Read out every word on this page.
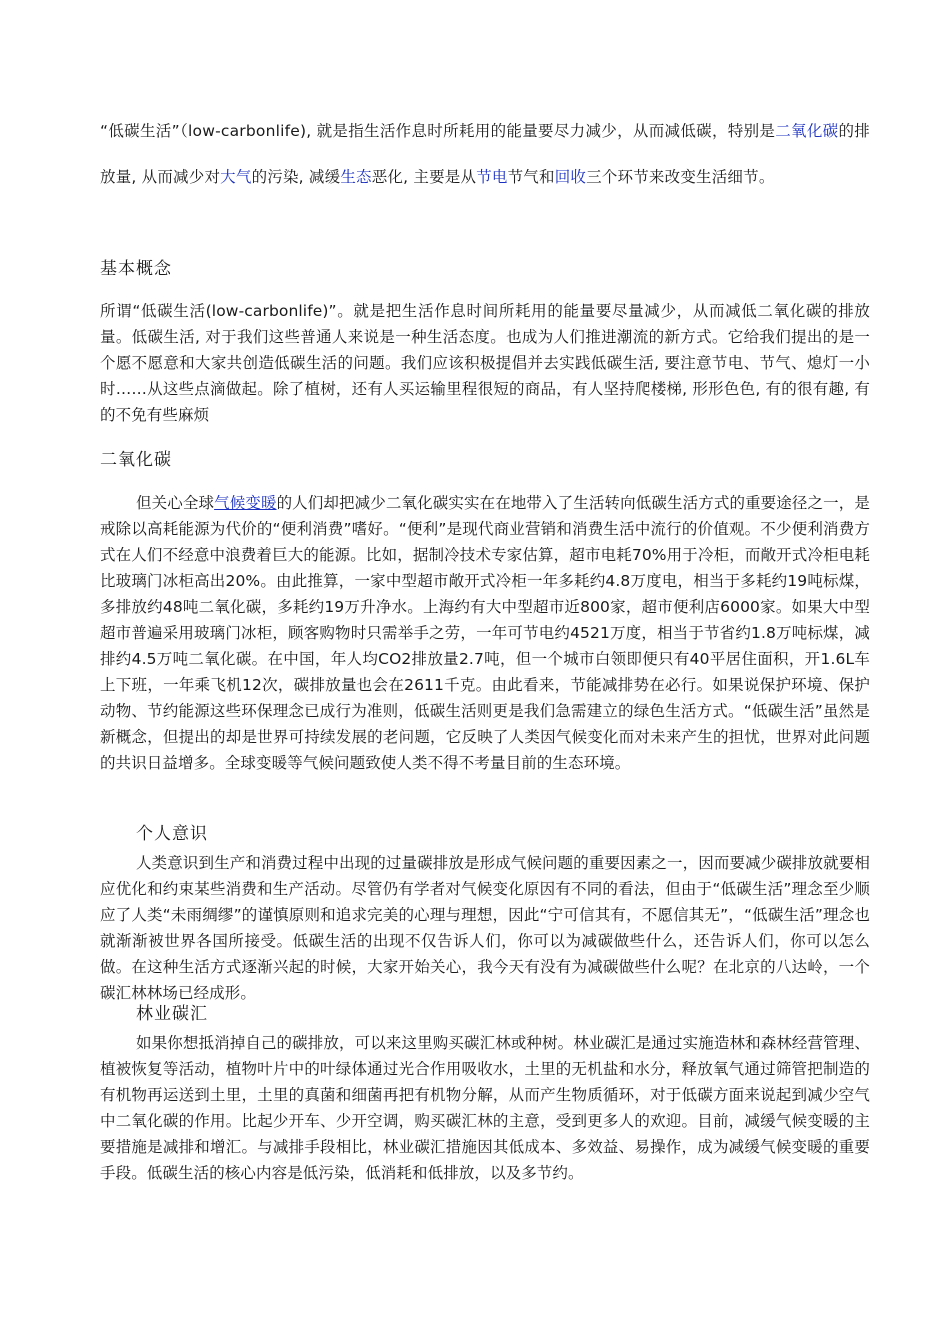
“低碳生活”（low-carbonlife), 就是指生活作息时所耗用的能量要尽力减少，从而减低碳，特别是二氧化碳的排放量, 从而减少对大气的污染, 减缓生态恶化, 主要是从节电节气和回收三个环节来改变生活细节。

基本概念

所谓“低碳生活(low-carbonlife)”。就是把生活作息时间所耗用的能量要尽量减少，从而减低二氧化碳的排放量。低碳生活, 对于我们这些普通人来说是一种生活态度。也成为人们推进潮流的新方式。它给我们提出的是一个愿不愿意和大家共创造低碳生活的问题。我们应该积极提倡并去实践低碳生活, 要注意节电、节气、熄灯一小时……从这些点滴做起。除了植树，还有人买运输里程很短的商品，有人坚持爬楼梯, 形形色色, 有的很有趣, 有的不免有些麻烦

二氧化碳

但关心全球气候变暖的人们却把减少二氧化碳实实在在地带入了生活转向低碳生活方式的重要途径之一，是戒除以高耗能源为代价的“便利消费”嗜好。“便利”是现代商业营销和消费生活中流行的价值观。不少便利消费方式在人们不经意中浪费着巨大的能源。比如，据制冷技术专家估算，超市电耗70%用于冷柜，而敞开式冷柜电耗比玻璃门冰柜高出20%。由此推算，一家中型超市敞开式冷柜一年多耗约4.8万度电，相当于多耗约19吨标煤，多排放约48吨二氧化碳，多耗约19万升净水。上海约有大中型超市近800家，超市便利店6000家。如果大中型超市普遍采用玻璃门冰柜，顾客购物时只需举手之劳，一年可节电约4521万度，相当于节省约1.8万吨标煤，减排约4.5万吨二氧化碳。在中国，年人均CO2排放量2.7吨，但一个城市白领即便只有40平居住面积，开1.6L车上下班，一年乘飞机12次，碳排放量也会在2611千克。由此看来，节能减排势在必行。如果说保护环境、保护动物、节约能源这些环保理念已成行为准则，低碳生活则更是我们急需建立的绿色生活方式。“低碳生活”虽然是新概念，但提出的却是世界可持续发展的老问题，它反映了人类因气候变化而对未来产生的担忧，世界对此问题的共识日益增多。全球变暖等气候问题致使人类不得不考量目前的生态环境。

个人意识

人类意识到生产和消费过程中出现的过量碳排放是形成气候问题的重要因素之一，因而要减少碳排放就要相应优化和约束某些消费和生产活动。尽管仍有学者对气候变化原因有不同的看法，但由于“低碳生活”理念至少顺应了人类“未雨绸缪”的谨慎原则和追求完美的心理与理想，因此“宁可信其有，不愿信其无”，“低碳生活”理念也就渐渐被世界各国所接受。低碳生活的出现不仅告诉人们，你可以为减碳做些什么，还告诉人们，你可以怎么做。在这种生活方式逐渐兴起的时候，大家开始关心，我今天有没有为减碳做些什么呢？在北京的八达岭，一个碳汇林林场已经成形。

林业碳汇

如果你想抵消掉自己的碳排放，可以来这里购买碳汇林或种树。林业碳汇是通过实施造林和森林经营管理、植被恢复等活动，植物叶片中的叶绿体通过光合作用吸收水，土里的无机盐和水分，释放氧气通过筛管把制造的有机物再运送到土里，土里的真菌和细菌再把有机物分解，从而产生物质循环，对于低碳方面来说起到减少空气中二氧化碳的作用。比起少开车、少开空调，购买碳汇林的主意，受到更多人的欢迎。目前，减缓气候变暖的主要措施是减排和增汇。与减排手段相比，林业碳汇措施因其低成本、多效益、易操作，成为减缓气候变暖的重要手段。低碳生活的核心内容是低污染，低消耗和低排放，以及多节约。
